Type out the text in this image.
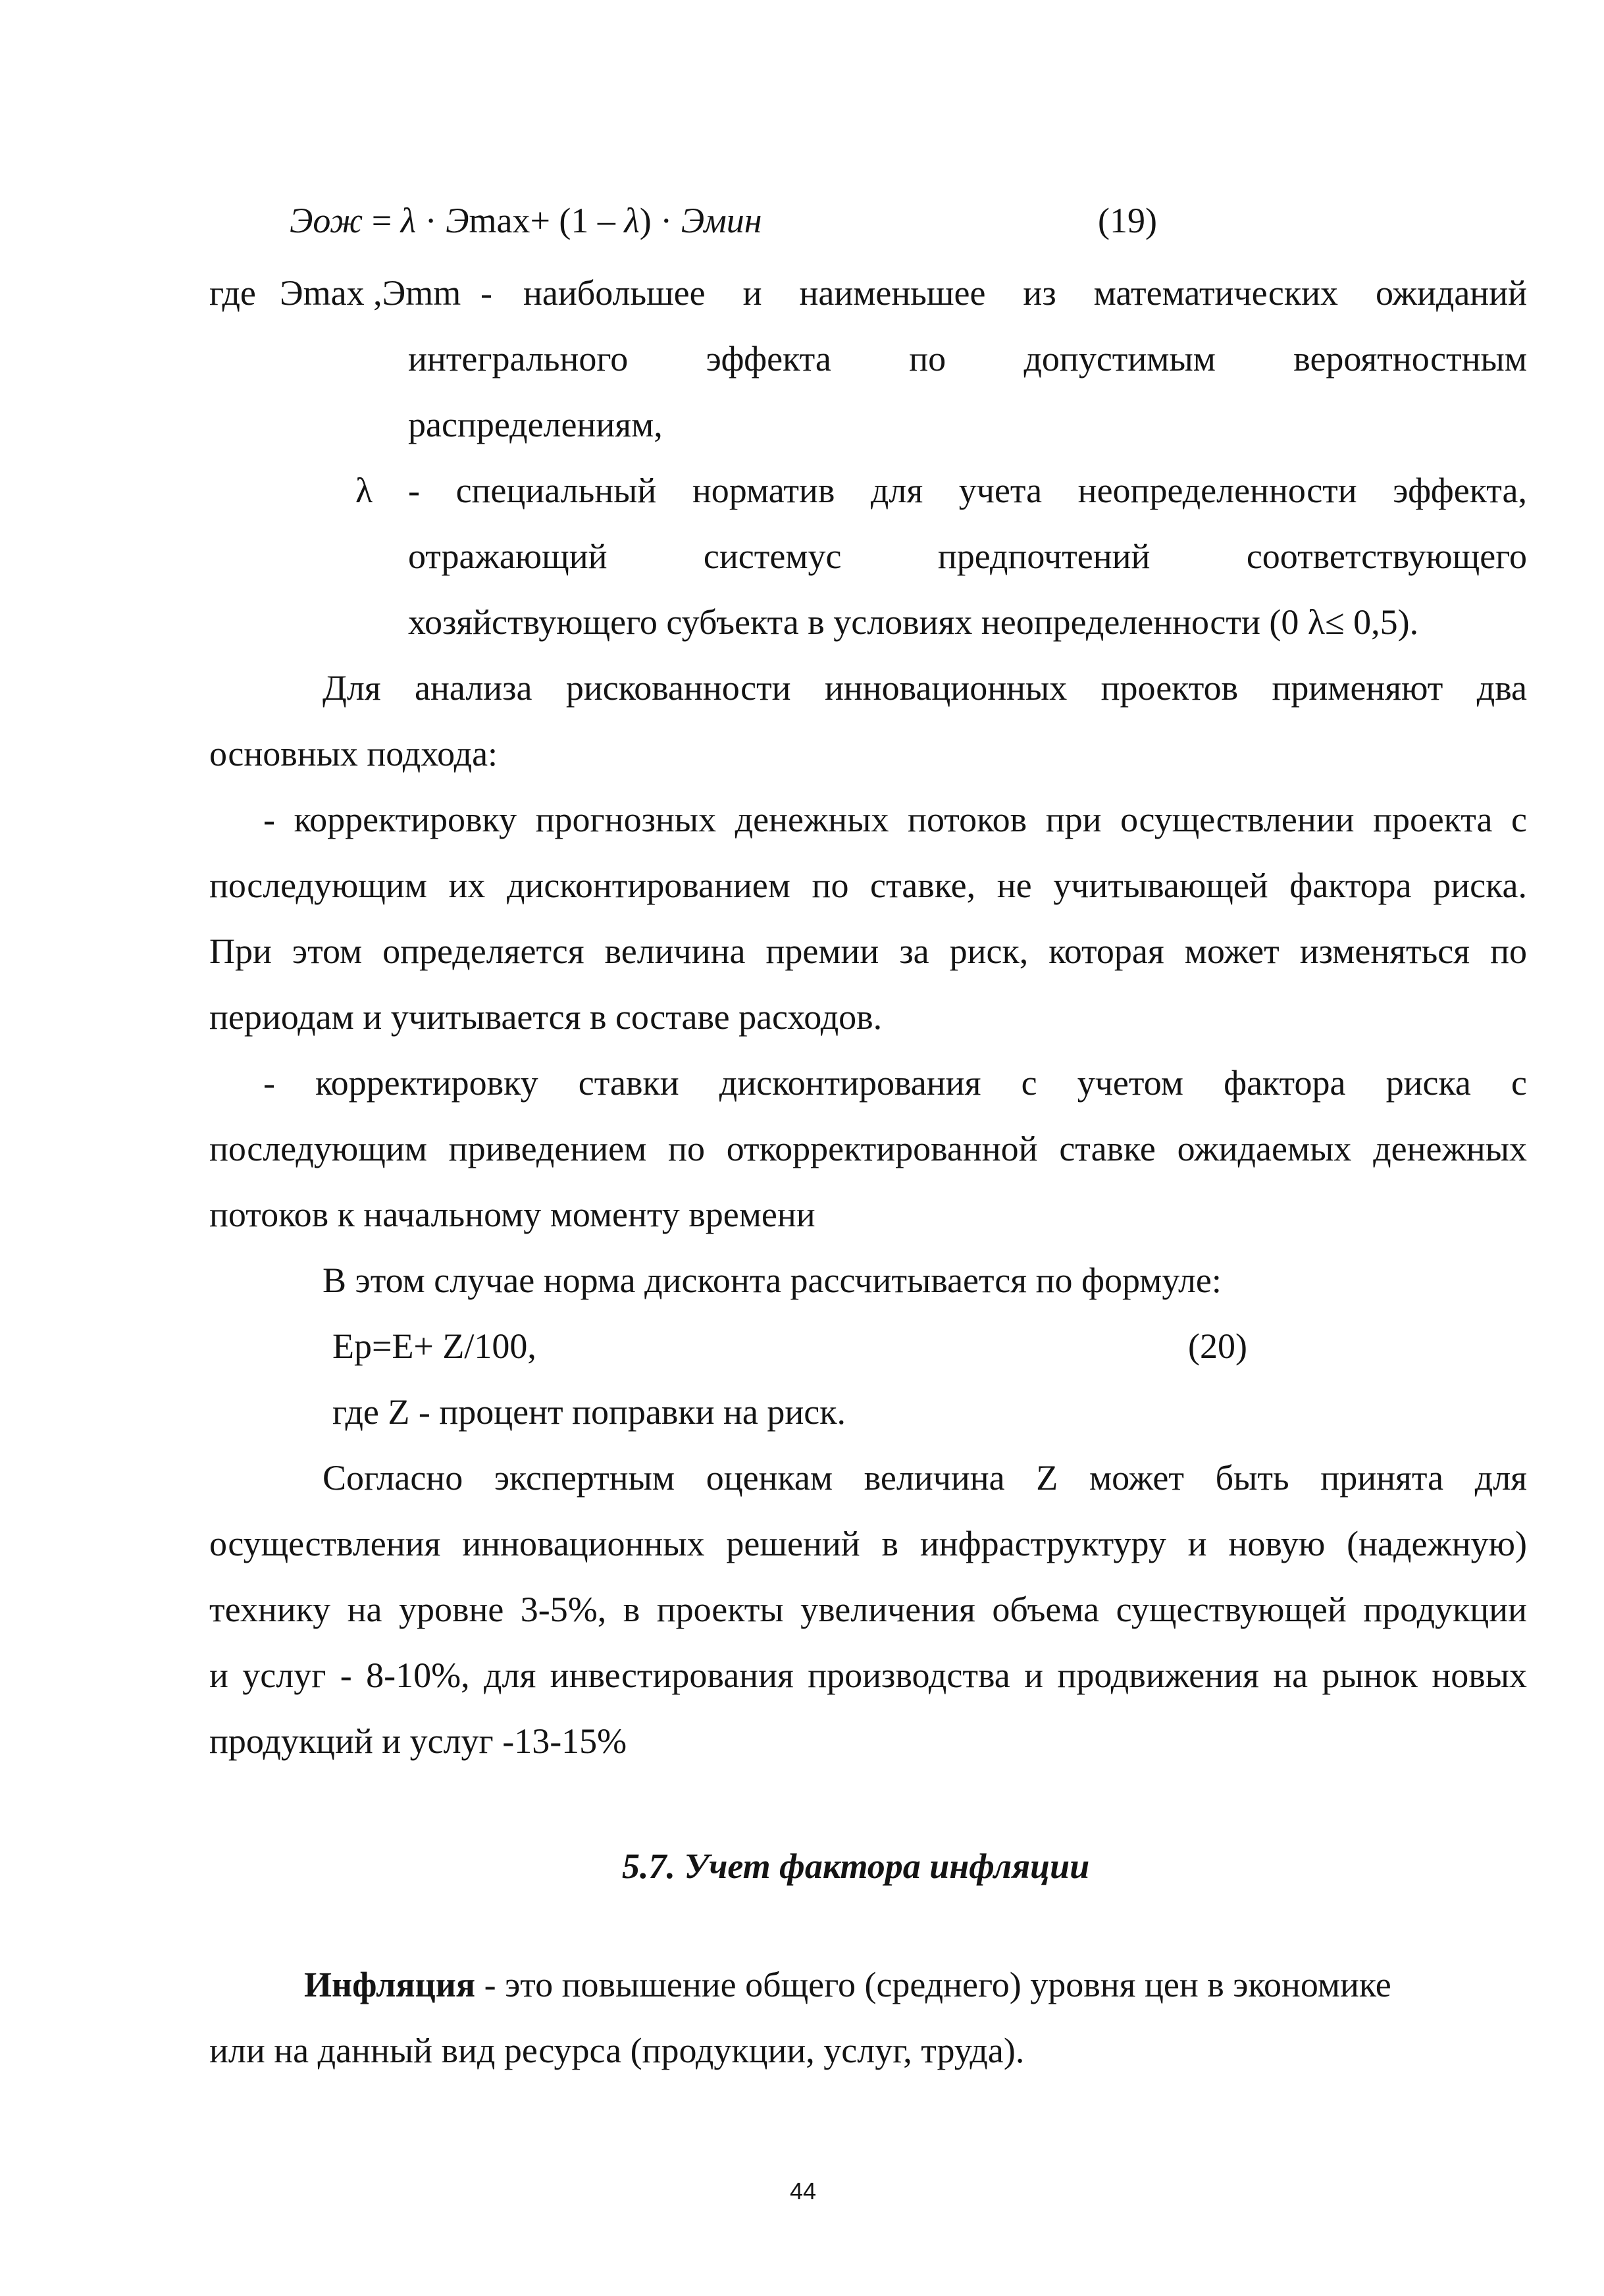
Эож = λ · Эmax+ (1 – λ) · Эмин	(19)
где Эmax ,Эmm - наибольшее и наименьшее из математических ожиданий
интегрального эффекта по допустимым вероятностным
распределениям,
λ - специальный норматив для учета неопределенности эффекта,
отражающий системус предпочтений соответствующего
хозяйствующего субъекта в условиях неопределенности (0 λ≤ 0,5).
Для анализа рискованности инновационных проектов применяют два
основных подхода:
- корректировку прогнозных денежных потоков при осуществлении проекта с
последующим их дисконтированием по ставке, не учитывающей фактора риска.
При этом определяется величина премии за риск, которая может изменяться по
периодам и учитывается в составе расходов.
- корректировку ставки дисконтирования с учетом фактора риска с
последующим приведением по откорректированной ставке ожидаемых денежных
потоков к начальному моменту времени
В этом случае норма дисконта рассчитывается по формуле:
Ep=E+ Z/100,	(20)
где Z - процент поправки на риск.
Согласно экспертным оценкам величина Z может быть принята для
осуществления инновационных решений в инфраструктуру и новую (надежную)
технику на уровне 3-5%, в проекты увеличения объема существующей продукции
и услуг - 8-10%, для инвестирования производства и продвижения на рынок новых
продукций и услуг -13-15%
5.7. Учет фактора инфляции
Инфляция - это повышение общего (среднего) уровня цен в экономике
или на данный вид ресурса (продукции, услуг, труда).
44
